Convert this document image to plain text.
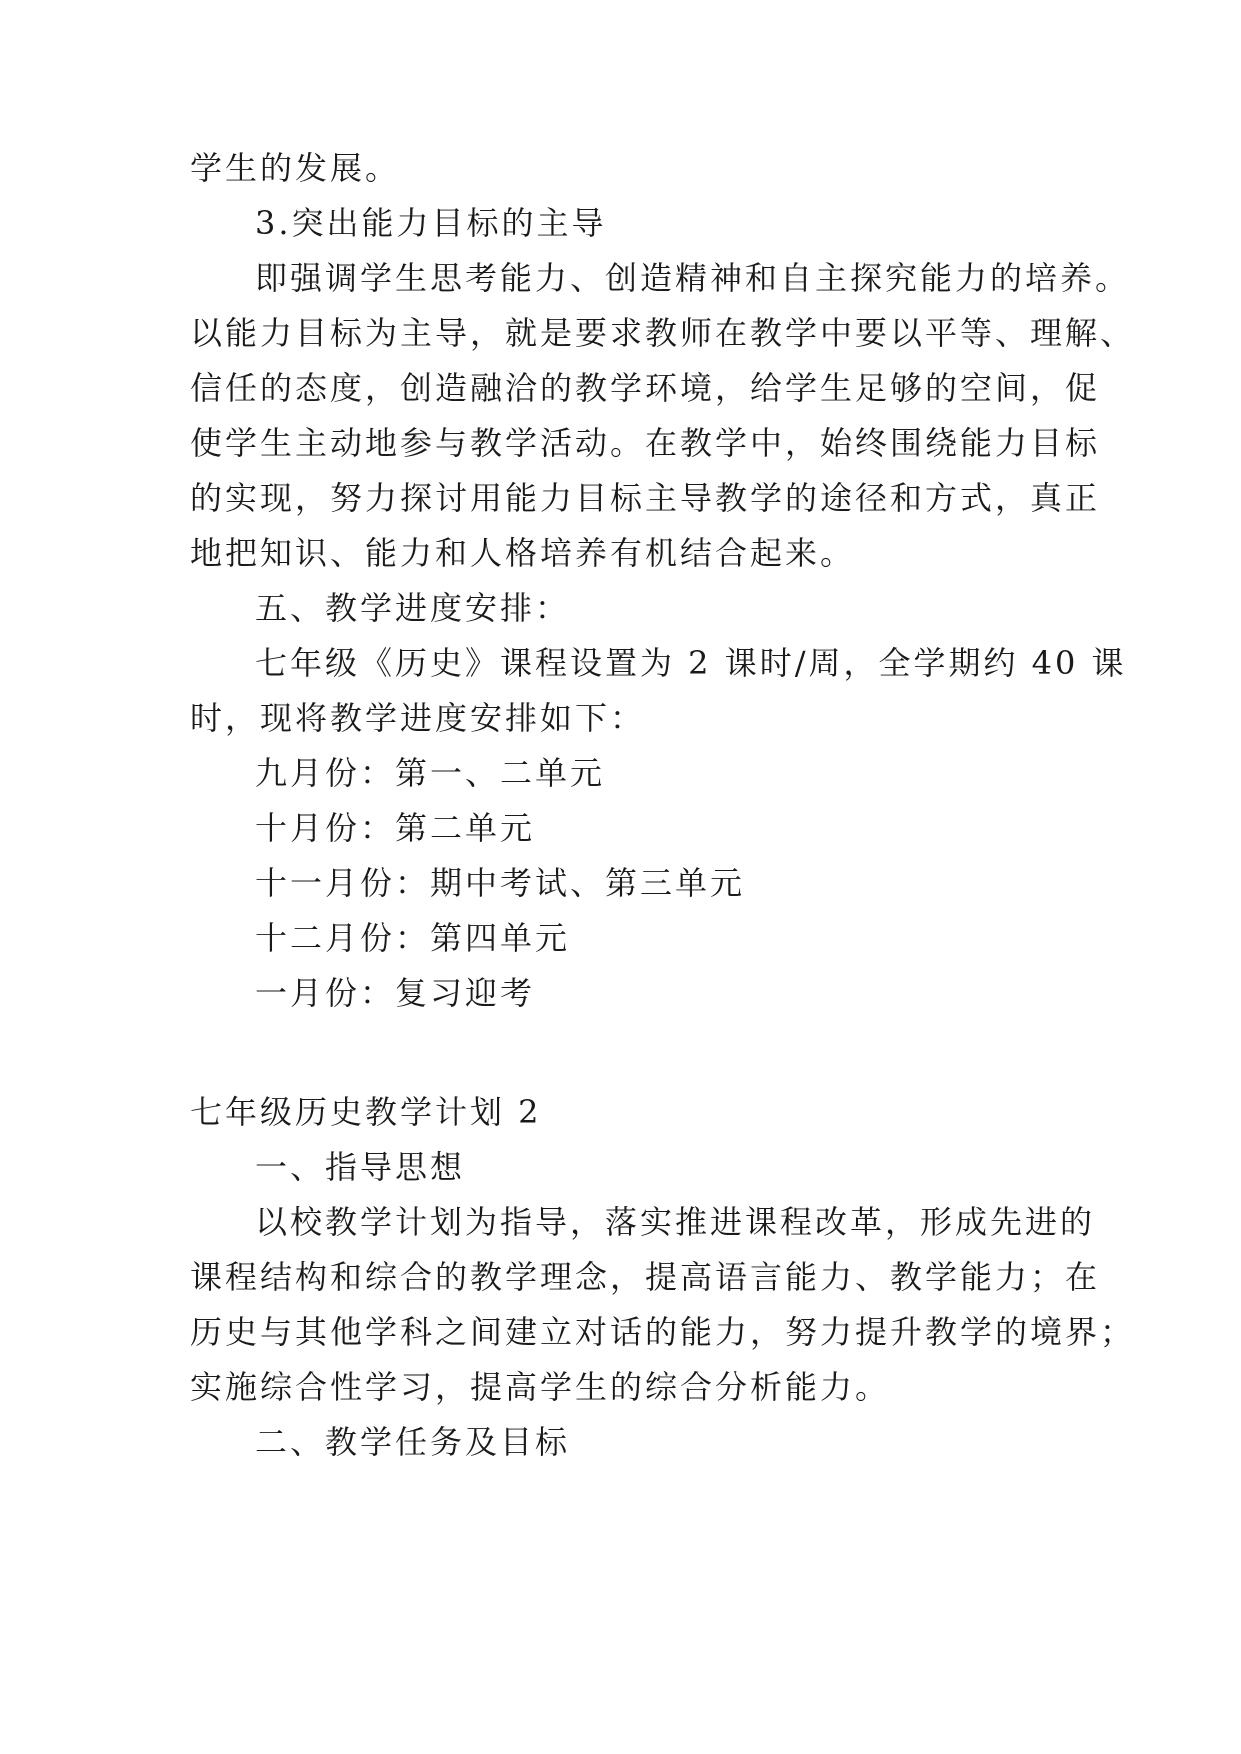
学生的发展。
3.突出能力目标的主导
即强调学生思考能力、创造精神和自主探究能力的培养。
以能力目标为主导，就是要求教师在教学中要以平等、理解、
信任的态度，创造融洽的教学环境，给学生足够的空间，促
使学生主动地参与教学活动。在教学中，始终围绕能力目标
的实现，努力探讨用能力目标主导教学的途径和方式，真正
地把知识、能力和人格培养有机结合起来。
五、教学进度安排：
七年级《历史》课程设置为 2 课时/周，全学期约 40 课
时，现将教学进度安排如下：
九月份：第一、二单元
十月份：第二单元
十一月份：期中考试、第三单元
十二月份：第四单元
一月份：复习迎考
七年级历史教学计划 2
一、指导思想
以校教学计划为指导，落实推进课程改革，形成先进的
课程结构和综合的教学理念，提高语言能力、教学能力；在
历史与其他学科之间建立对话的能力，努力提升教学的境界；
实施综合性学习，提高学生的综合分析能力。
二、教学任务及目标
